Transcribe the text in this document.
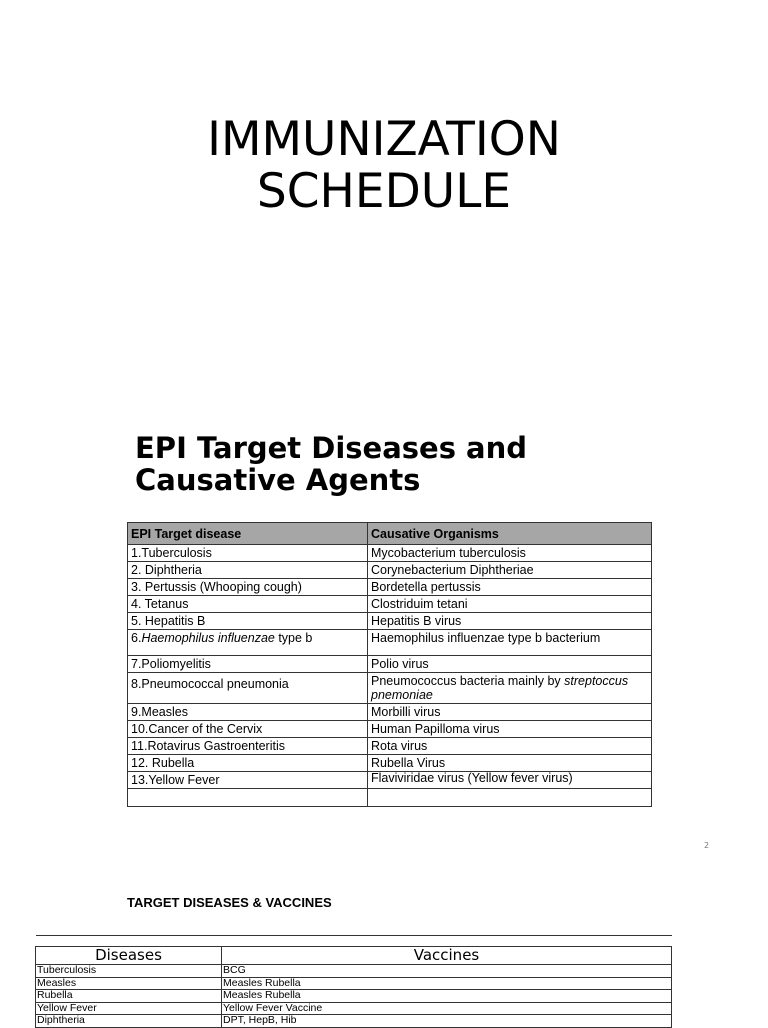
IMMUNIZATION
SCHEDULE
EPI Target Diseases and
Causative Agents
EPI Target disease	Causative Organisms
1.Tuberculosis	Mycobacterium tuberculosis
2. Diphtheria	Corynebacterium Diphtheriae
3. Pertussis (Whooping cough)	Bordetella pertussis
4. Tetanus	Clostriduim tetani
5. Hepatitis B	Hepatitis B virus
6.Haemophilus influenzae type b	Haemophilus influenzae type b bacterium
7.Poliomyelitis	Polio virus
8.Pneumococcal pneumonia	Pneumococcus bacteria mainly by streptoccus pnemoniae
9.Measles	Morbilli virus
10.Cancer of the Cervix	Human Papilloma virus
11.Rotavirus Gastroenteritis	Rota virus
12. Rubella	Rubella Virus
13.Yellow Fever	Flaviviridae virus (Yellow fever virus)

2
TARGET DISEASES & VACCINES

Diseases	Vaccines
Tuberculosis	BCG
Measles	Measles Rubella
Rubella	Measles Rubella
Yellow Fever	Yellow Fever Vaccine
Diphtheria	DPT, HepB, Hib
